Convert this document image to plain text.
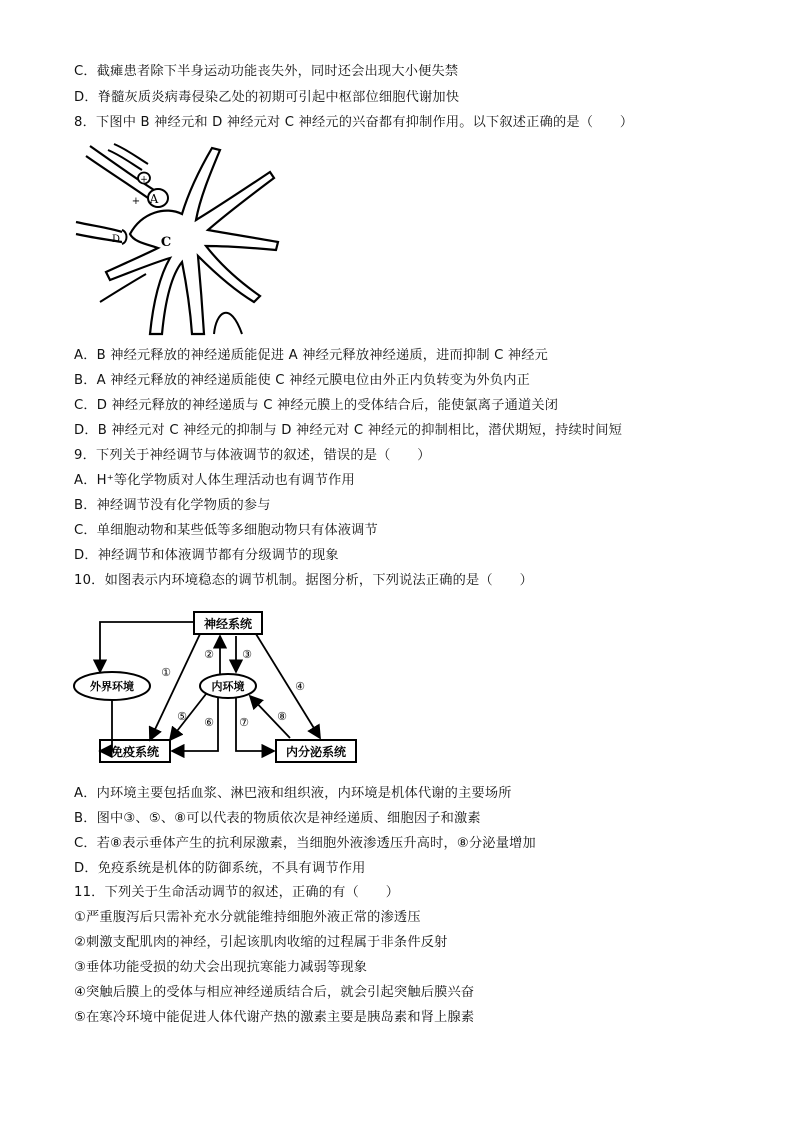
C．截瘫患者除下半身运动功能丧失外，同时还会出现大小便失禁
D．脊髓灰质炎病毒侵染乙处的初期可引起中枢部位细胞代谢加快
8．下图中 B 神经元和 D 神经元对 C 神经元的兴奋都有抑制作用。以下叙述正确的是（　　）
A
+
+
D	C
A．B 神经元释放的神经递质能促进 A 神经元释放神经递质，进而抑制 C 神经元
B．A 神经元释放的神经递质能使 C 神经元膜电位由外正内负转变为外负内正
C．D 神经元释放的神经递质与 C 神经元膜上的受体结合后，能使氯离子通道关闭
D．B 神经元对 C 神经元的抑制与 D 神经元对 C 神经元的抑制相比，潜伏期短，持续时间短
9．下列关于神经调节与体液调节的叙述，错误的是（　　）
A．H⁺等化学物质对人体生理活动也有调节作用
B．神经调节没有化学物质的参与
C．单细胞动物和某些低等多细胞动物只有体液调节
D．神经调节和体液调节都有分级调节的现象
10．如图表示内环境稳态的调节机制。据图分析，下列说法正确的是（　　）
神经系统
外界环境	内环境
免疫系统	内分泌系统
①
②	③
④
⑤ ⑥ ⑦	⑧
A．内环境主要包括血浆、淋巴液和组织液，内环境是机体代谢的主要场所
B．图中③、⑤、⑧可以代表的物质依次是神经递质、细胞因子和激素
C．若⑧表示垂体产生的抗利尿激素，当细胞外液渗透压升高时，⑧分泌量增加
D．免疫系统是机体的防御系统，不具有调节作用
11．下列关于生命活动调节的叙述，正确的有（　　）
①严重腹泻后只需补充水分就能维持细胞外液正常的渗透压
②刺激支配肌肉的神经，引起该肌肉收缩的过程属于非条件反射
③垂体功能受损的幼犬会出现抗寒能力减弱等现象
④突触后膜上的受体与相应神经递质结合后，就会引起突触后膜兴奋
⑤在寒冷环境中能促进人体代谢产热的激素主要是胰岛素和肾上腺素
